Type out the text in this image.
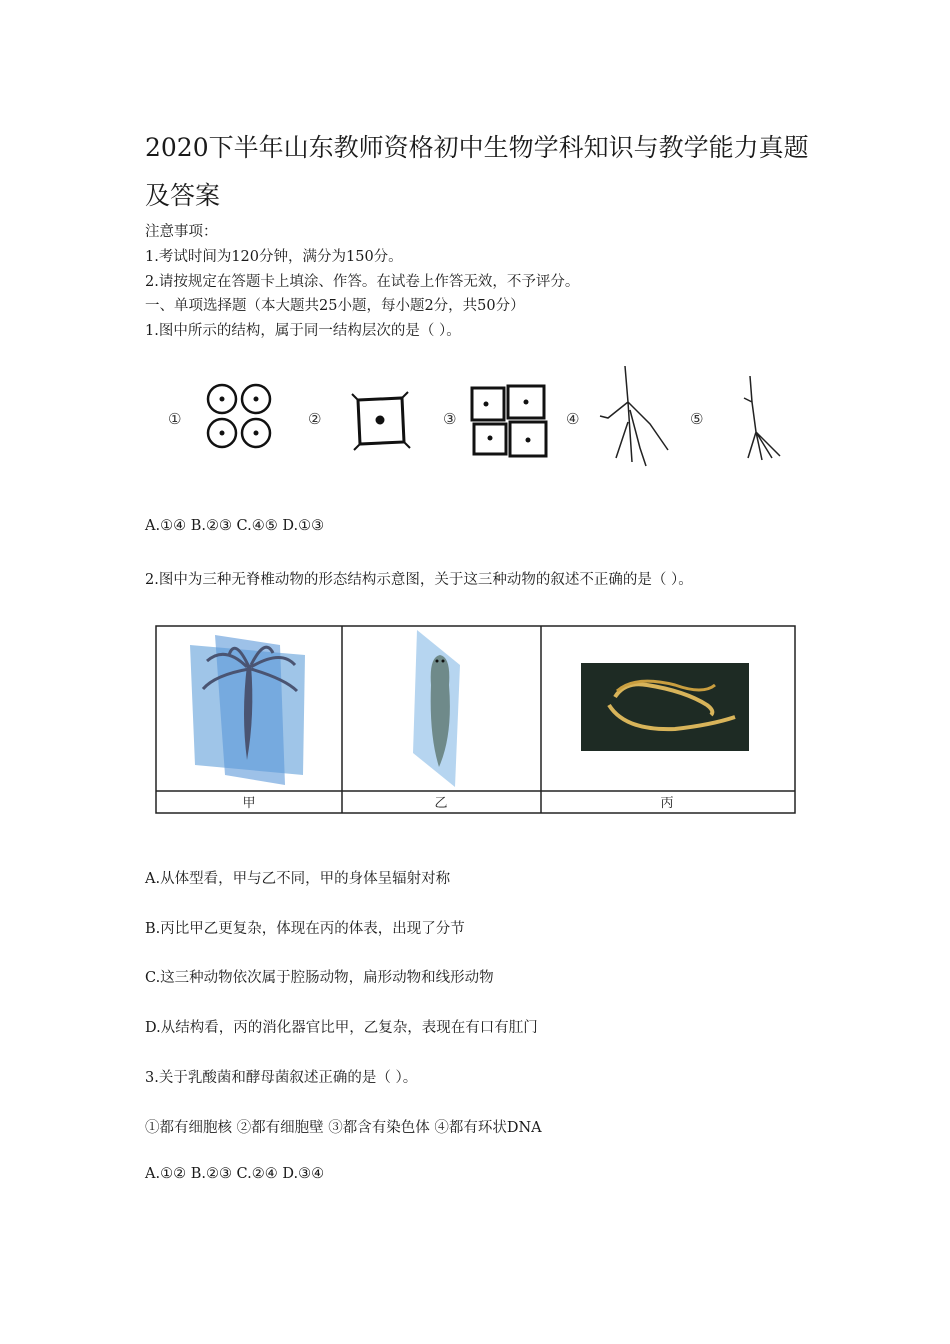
2020下半年山东教师资格初中生物学科知识与教学能力真题及答案
注意事项：
1.考试时间为120分钟，满分为150分。
2.请按规定在答题卡上填涂、作答。在试卷上作答无效，不予评分。
一、单项选择题（本大题共25小题，每小题2分，共50分）
1.图中所示的结构，属于同一结构层次的是（ ）。
①	②	③	④	⑤
A.①④ B.②③ C.④⑤ D.①③
2.图中为三种无脊椎动物的形态结构示意图，关于这三种动物的叙述不正确的是（ ）。
甲	乙	丙
A.从体型看，甲与乙不同，甲的身体呈辐射对称
B.丙比甲乙更复杂，体现在丙的体表，出现了分节
C.这三种动物依次属于腔肠动物，扁形动物和线形动物
D.从结构看，丙的消化器官比甲，乙复杂，表现在有口有肛门
3.关于乳酸菌和酵母菌叙述正确的是（ ）。
①都有细胞核 ②都有细胞壁 ③都含有染色体 ④都有环状DNA
A.①② B.②③ C.②④ D.③④
